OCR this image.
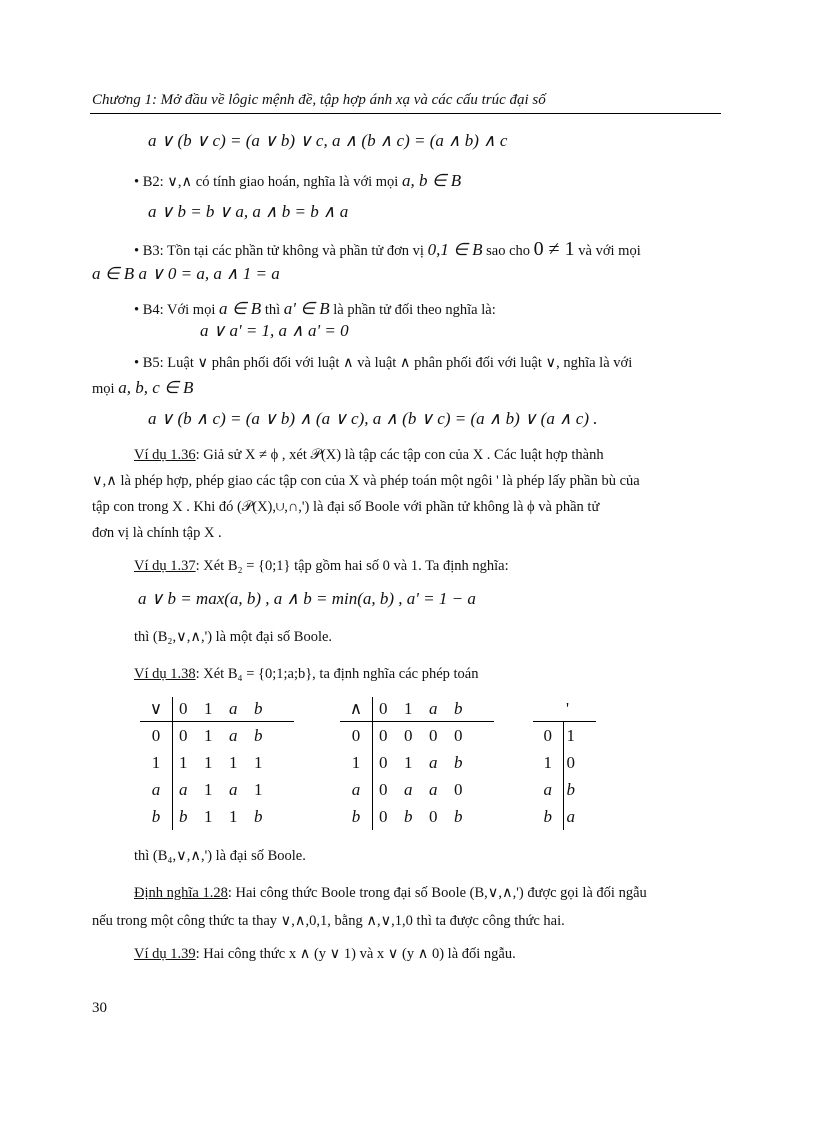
Chương 1: Mở đầu về lôgic mệnh đề, tập hợp ánh xạ và các cấu trúc đại số
a ∨ (b ∨ c) = (a ∨ b) ∨ c, a ∧ (b ∧ c) = (a ∧ b) ∧ c
• B2: ∨,∧ có tính giao hoán, nghĩa là với mọi a, b ∈ B
a ∨ b = b ∨ a, a ∧ b = b ∧ a
• B3: Tồn tại các phần tử không và phần tử đơn vị 0,1 ∈ B sao cho 0 ≠ 1 và với mọi
a ∈ B a ∨ 0 = a, a ∧ 1 = a
• B4: Với mọi a ∈ B thì a' ∈ B là phần tử đối theo nghĩa là:
a ∨ a' = 1, a ∧ a' = 0
• B5: Luật ∨ phân phối đối với luật ∧ và luật ∧ phân phối đối với luật ∨, nghĩa là với
mọi a, b, c ∈ B
a ∨ (b ∧ c) = (a ∨ b) ∧ (a ∨ c), a ∧ (b ∨ c) = (a ∧ b) ∨ (a ∧ c) .
Ví dụ 1.36: Giả sử X ≠ ϕ , xét 𝒫(X) là tập các tập con của X . Các luật hợp thành
∨,∧ là phép hợp, phép giao các tập con của X và phép toán một ngôi ' là phép lấy phần bù của
tập con trong X . Khi đó (𝒫(X),∪,∩,') là đại số Boole với phần tử không là ϕ và phần tử
đơn vị là chính tập X .
Ví dụ 1.37: Xét B₂ = {0;1} tập gồm hai số 0 và 1. Ta định nghĩa:
a ∨ b = max(a, b) , a ∧ b = min(a, b) , a' = 1 − a
thì (B₂,∨,∧,') là một đại số Boole.
Ví dụ 1.38: Xét B₄ = {0;1;a;b}, ta định nghĩa các phép toán
∨	0	1	a	b
0	0	1	a	b
1	1	1	1	1
a	a	1	a	1
b	b	1	1	b
∧	0	1	a	b
0	0	0	0	0
1	0	1	a	b
a	0	a	a	0
b	0	b	0	b
	'
0	1
1	0
a	b
b	a
thì (B₄,∨,∧,') là đại số Boole.
Định nghĩa 1.28: Hai công thức Boole trong đại số Boole (B,∨,∧,') được gọi là đối ngẫu
nếu trong một công thức ta thay ∨,∧,0,1, bằng ∧,∨,1,0 thì ta được công thức hai.
Ví dụ 1.39: Hai công thức x ∧ (y ∨ 1) và x ∨ (y ∧ 0) là đối ngẫu.
30
